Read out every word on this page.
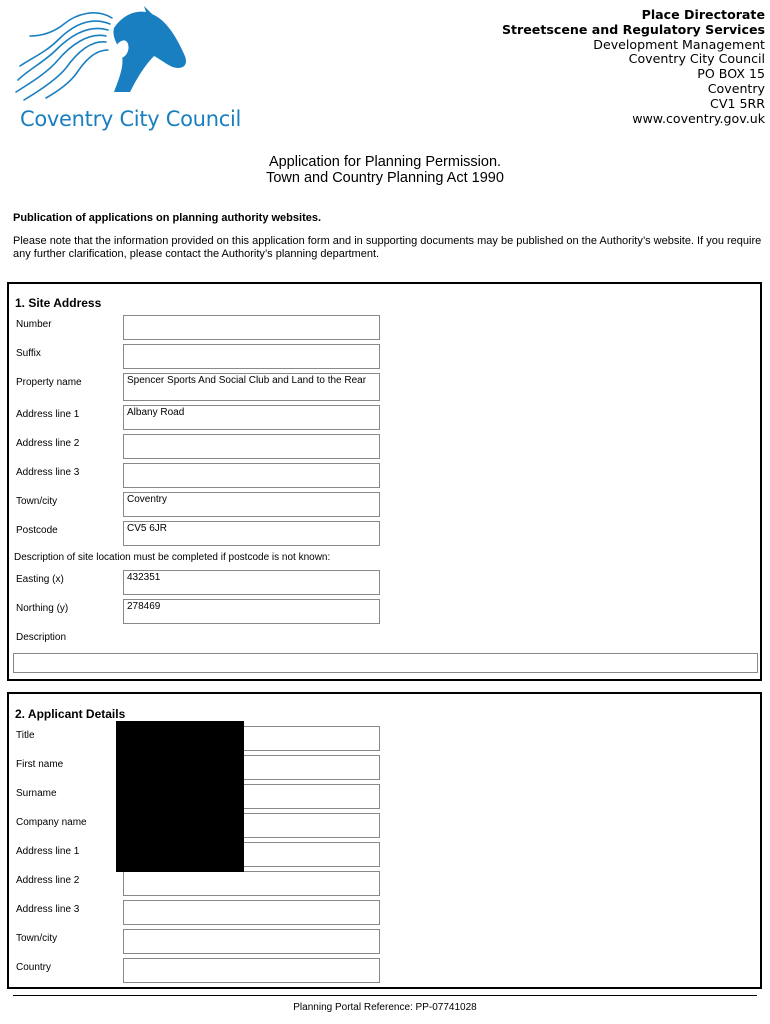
Coventry City Council
Place Directorate
Streetscene and Regulatory Services
Development Management
Coventry City Council
PO BOX 15
Coventry
CV1 5RR
www.coventry.gov.uk
Application for Planning Permission.
Town and Country Planning Act 1990
Publication of applications on planning authority websites.
Please note that the information provided on this application form and in supporting documents may be published on the Authority’s website. If you require any further clarification, please contact the Authority’s planning department.
1. Site Address
Number
Suffix
Property name	Spencer Sports And Social Club and Land to the Rear
Address line 1	Albany Road
Address line 2
Address line 3
Town/city	Coventry
Postcode	CV5 6JR
Description of site location must be completed if postcode is not known:
Easting (x)	432351
Northing (y)	278469
Description
2. Applicant Details
Title
First name
Surname
Company name
Address line 1
Address line 2
Address line 3
Town/city
Country
Planning Portal Reference: PP-07741028
